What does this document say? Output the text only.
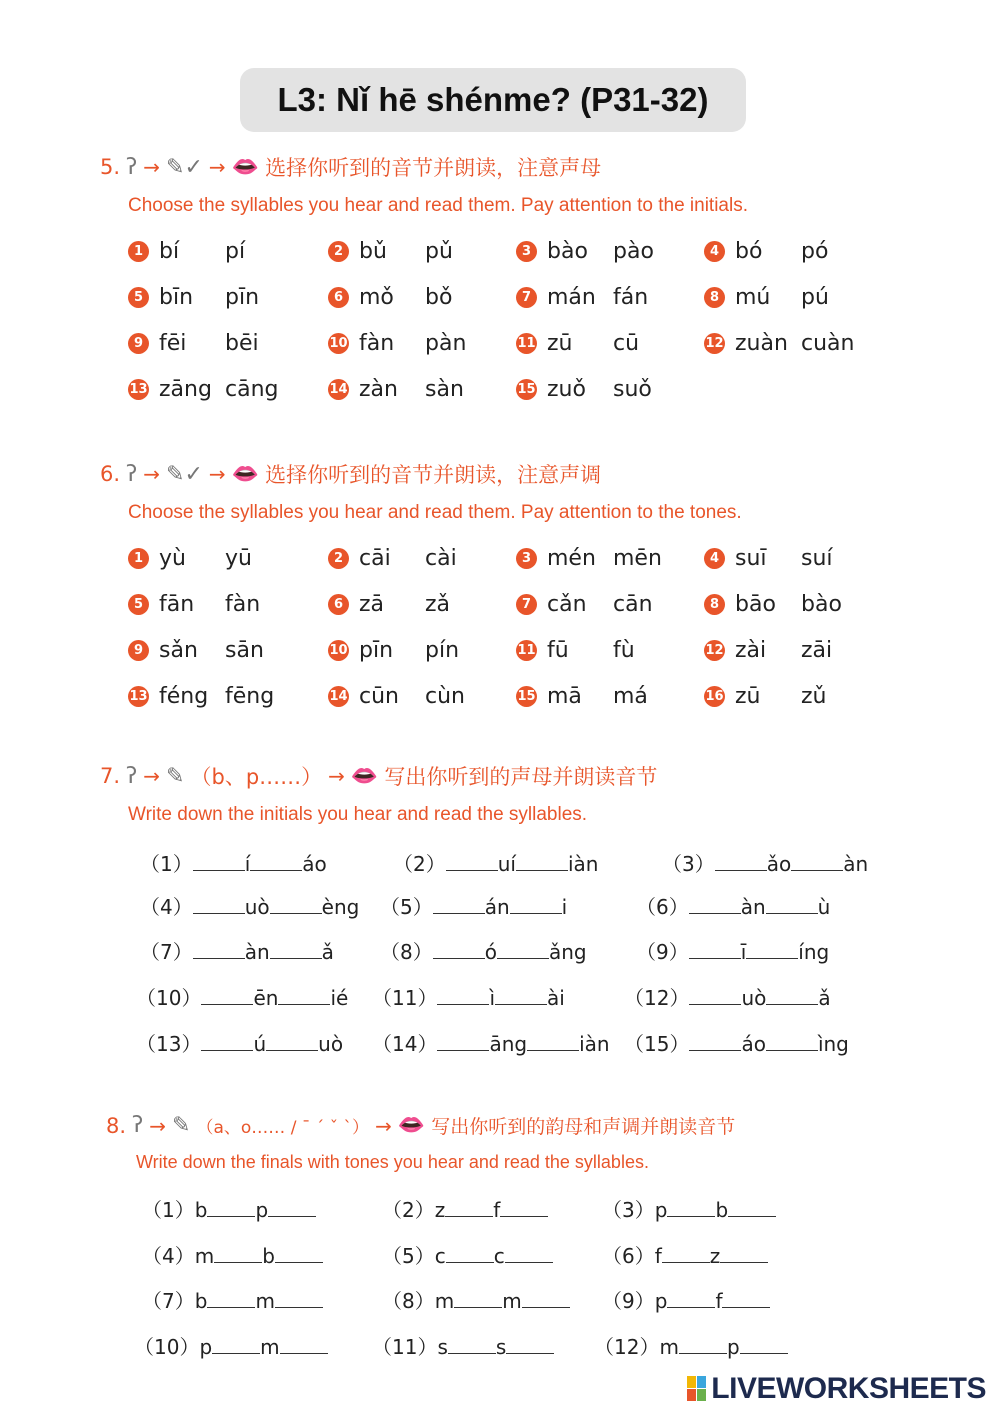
L3: Nǐ hē shénme? (P31-32)
5. ʔ → ✎✓ → 👄 选择你听到的音节并朗读，注意声母
Choose the syllables you hear and read them. Pay attention to the initials.
1 bí	pí	2 bǔ	pǔ	3 bào	pào	4 bó	pó
5 bīn	pīn	6 mǒ	bǒ	7 mán fán	8 mú	pú
9 fēi	bēi	10 fàn	pàn	11 zū	cū	12 zuàn cuàn
13 zāng cāng	14 zàn	sàn	15 zuǒ	suǒ
6. ʔ → ✎✓ → 👄 选择你听到的音节并朗读，注意声调
Choose the syllables you hear and read them. Pay attention to the tones.
1 yù	yū	2 cāi	cài	3 mén mēn	4 suī	suí
5 fān	fàn	6 zā	zǎ	7 cǎn	cān	8 bāo	bào
9 sǎn	sān	10 pīn	pín	11 fū	fù	12 zài	zāi
13 féng fēng	14 cūn	cùn	15 mā	má	16 zū	zǔ
7. ʔ → ✎ （b、p……） → 👄 写出你听到的声母并朗读音节
Write down the initials you hear and read the syllables.
（1）	í	áo	（2）	uí	iàn	（3）	ǎo	àn
（4）	uò	èng （5）	án	i	（6）	àn	ù
（7）	àn	ǎ （8）	ó	ǎng （9）	ī	íng
（10）	ēn	ié （11）	ì	ài	（12）	uò	ǎ
（13）	ú	uò （14）	āng	iàn （15）	áo	ìng
8. ʔ → ✎ （a、o…… / ˉ ˊ ˇ ˋ） → 👄 写出你听到的韵母和声调并朗读音节
Write down the finals with tones you hear and read the syllables.
（1）b p	（2）z f	（3）p b
（4）m b	（5）c c	（6）f z
（7）b m	（8）m m	（9）p f
（10）p m	（11）s s	（12）m p
LIVEWORKSHEETS
